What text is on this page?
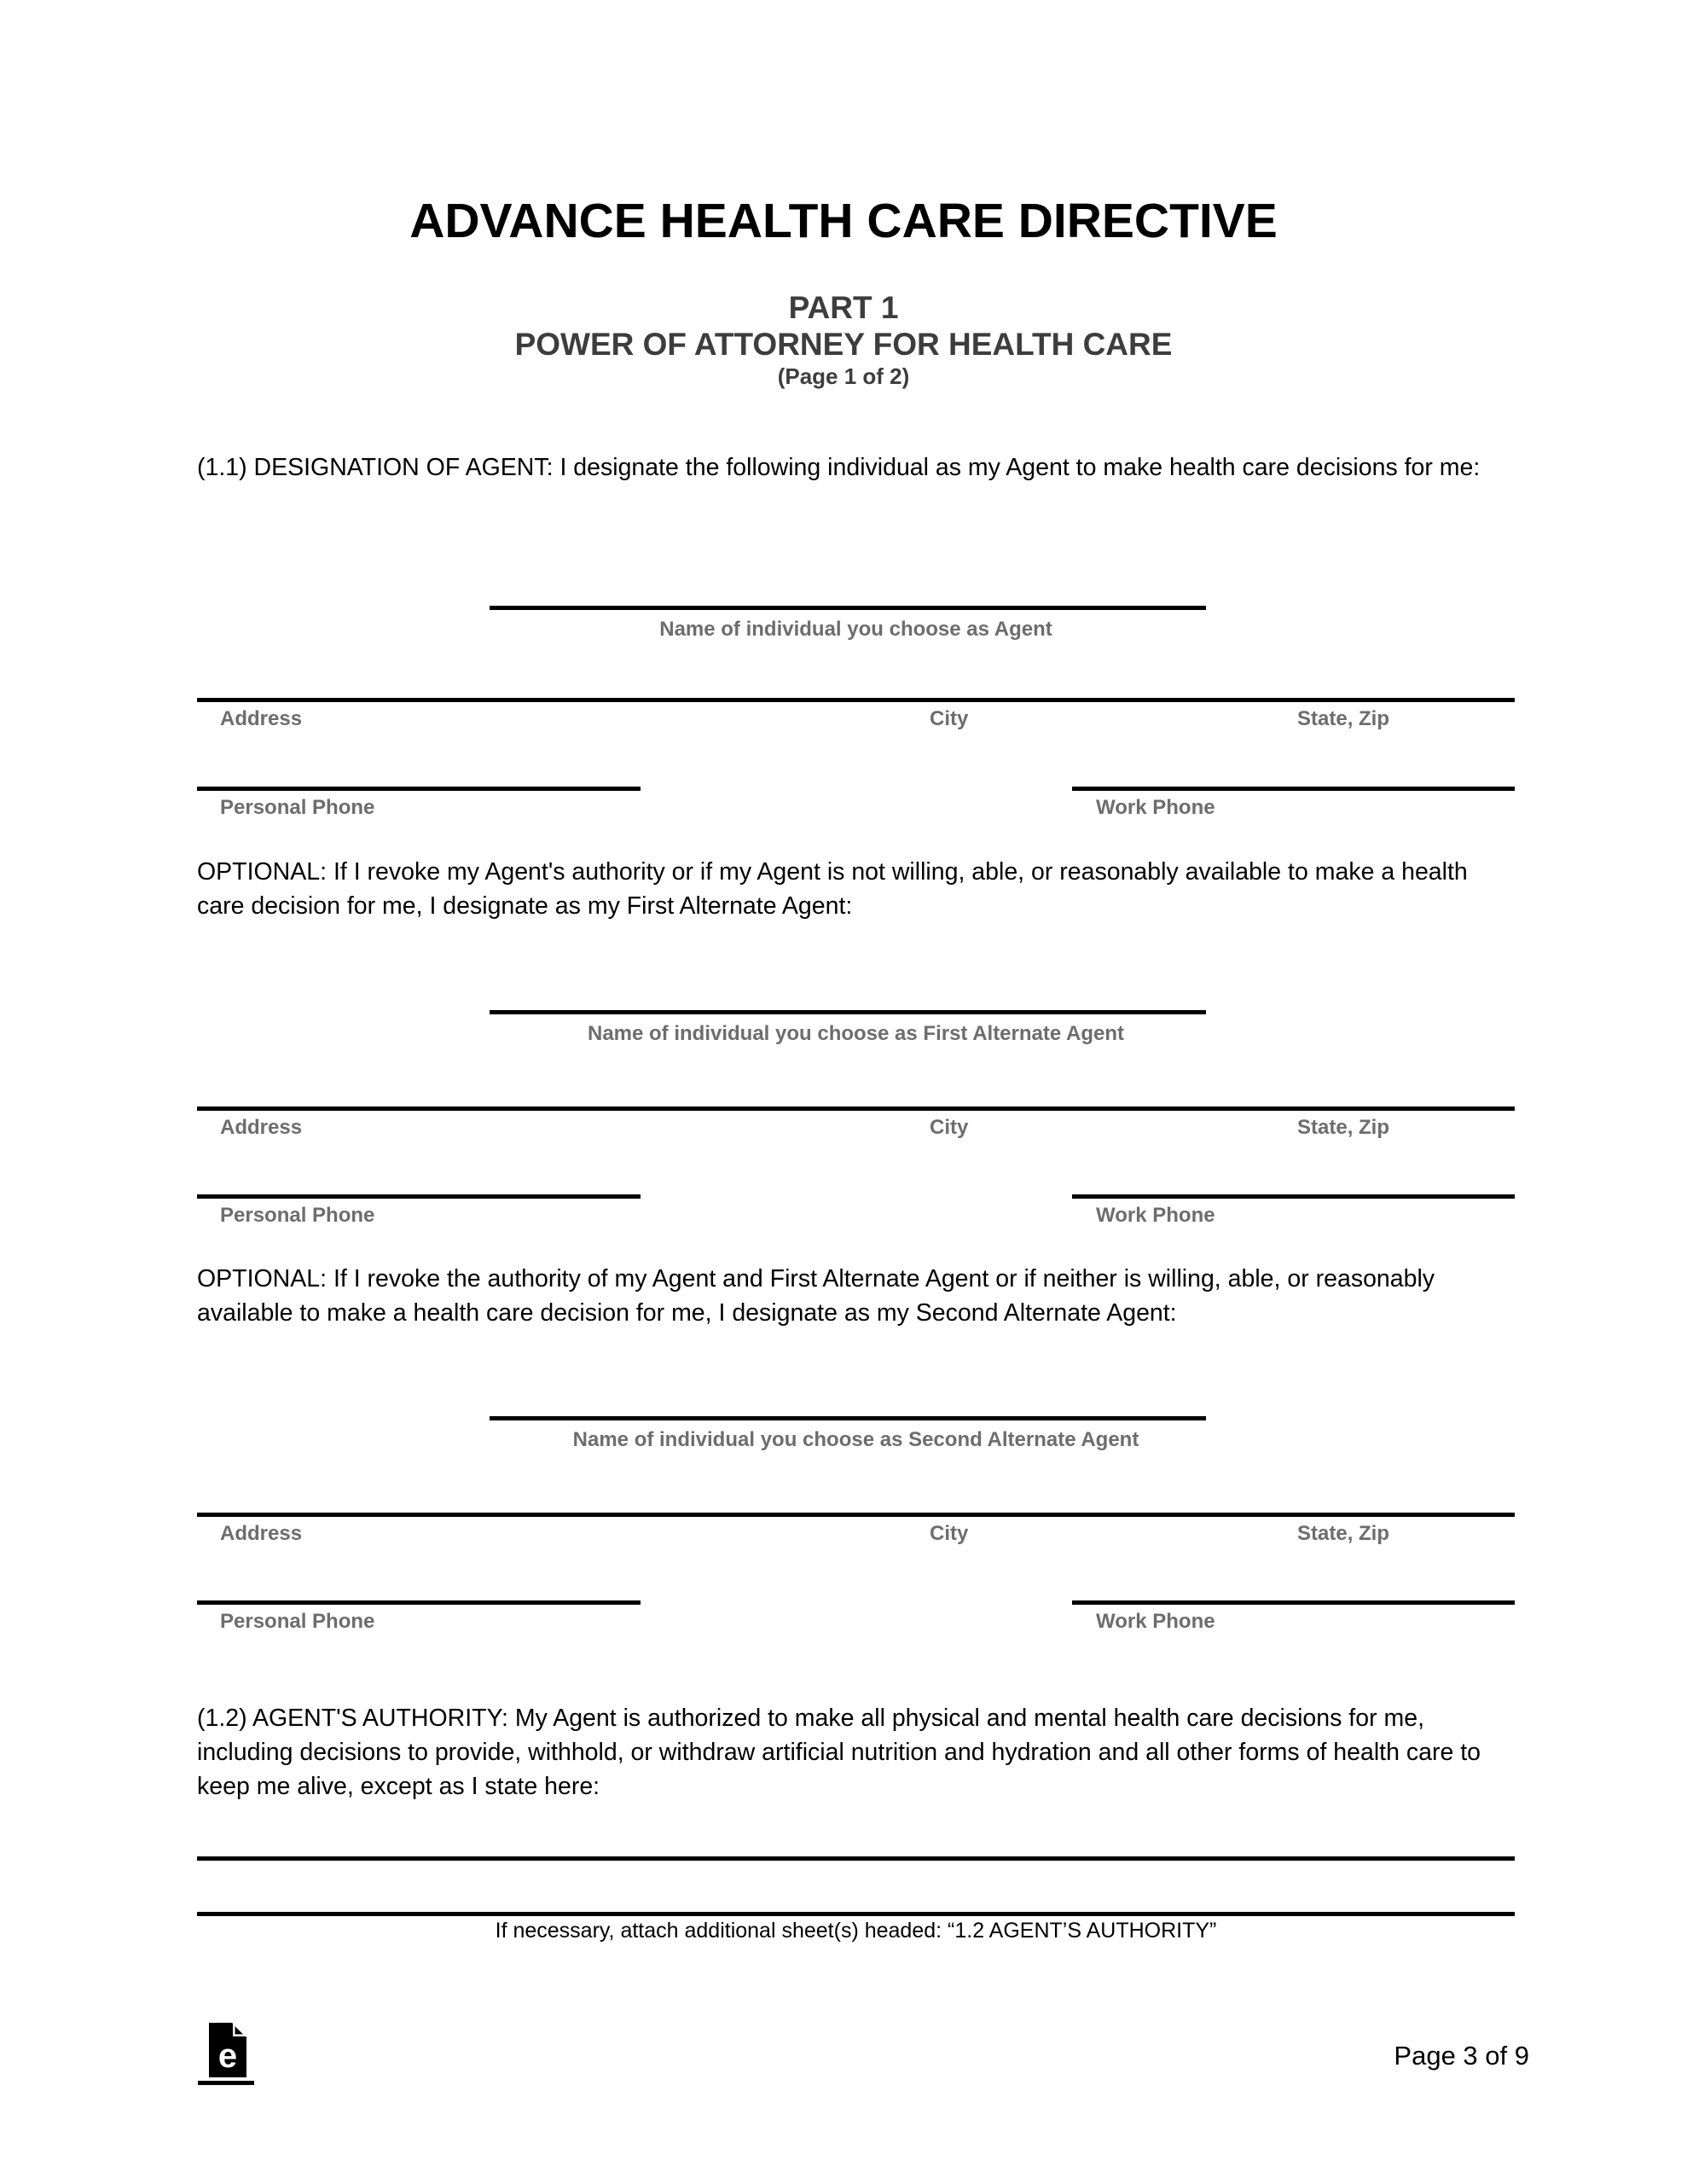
ADVANCE HEALTH CARE DIRECTIVE
PART 1
POWER OF ATTORNEY FOR HEALTH CARE
(Page 1 of 2)
(1.1) DESIGNATION OF AGENT: I designate the following individual as my Agent to make health care decisions for me:
Name of individual you choose as Agent
Address	City	State, Zip
Personal Phone	Work Phone
OPTIONAL: If I revoke my Agent's authority or if my Agent is not willing, able, or reasonably available to make a health care decision for me, I designate as my First Alternate Agent:
Name of individual you choose as First Alternate Agent
Address	City	State, Zip
Personal Phone	Work Phone
OPTIONAL: If I revoke the authority of my Agent and First Alternate Agent or if neither is willing, able, or reasonably available to make a health care decision for me, I designate as my Second Alternate Agent:
Name of individual you choose as Second Alternate Agent
Address	City	State, Zip
Personal Phone	Work Phone
(1.2) AGENT'S AUTHORITY: My Agent is authorized to make all physical and mental health care decisions for me, including decisions to provide, withhold, or withdraw artificial nutrition and hydration and all other forms of health care to keep me alive, except as I state here:
If necessary, attach additional sheet(s) headed: “1.2 AGENT’S AUTHORITY”
e	Page 3 of 9
